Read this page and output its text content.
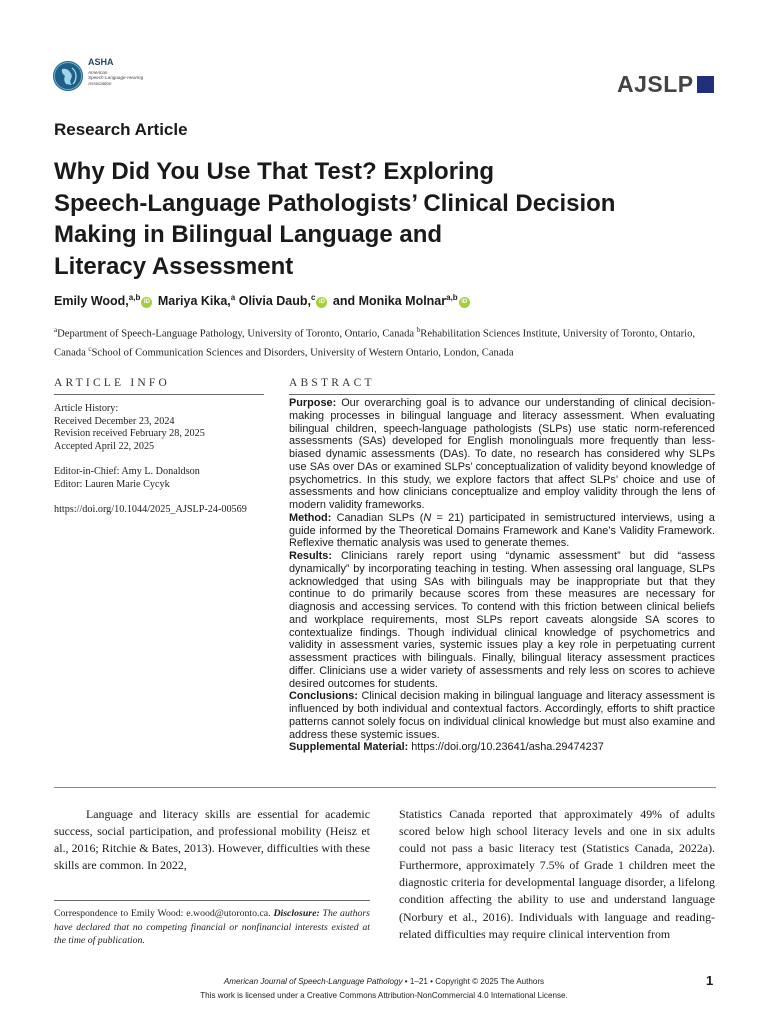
ASHA
American
Speech-Language-Hearing
Association	AJSLP
Research Article
Why Did You Use That Test? Exploring
Speech-Language Pathologists’ Clinical Decision
Making in Bilingual Language and
Literacy Assessment
Emily Wood,$^{a,b}$iD Mariya Kika,$^a$ Olivia Daub,$^c$iD and Monika Molnar$^{a,b}$iD
$^a$Department of Speech-Language Pathology, University of Toronto, Ontario, Canada $^b$Rehabilitation Sciences Institute, University of Toronto, Ontario, Canada $^c$School of Communication Sciences and Disorders, University of Western Ontario, London, Canada
ARTICLE INFO
Article History:
Received December 23, 2024
Revision received February 28, 2025
Accepted April 22, 2025
Editor-in-Chief: Amy L. Donaldson
Editor: Lauren Marie Cycyk
https://doi.org/10.1044/2025_AJSLP-24-00569
ABSTRACT

Purpose: Our overarching goal is to advance our understanding of clinical decision-making processes in bilingual language and literacy assessment. When evaluating bilingual children, speech-language pathologists (SLPs) use static norm-referenced assessments (SAs) developed for English monolinguals more frequently than less-biased dynamic assessments (DAs). To date, no research has considered why SLPs use SAs over DAs or examined SLPs’ conceptualization of validity beyond knowledge of psychometrics. In this study, we explore factors that affect SLPs’ choice and use of assessments and how clinicians conceptualize and employ validity through the lens of modern validity frameworks.

Method: Canadian SLPs (N = 21) participated in semistructured interviews, using a guide informed by the Theoretical Domains Framework and Kane’s Validity Framework. Reflexive thematic analysis was used to generate themes.

Results: Clinicians rarely report using “dynamic assessment” but did “assess dynamically” by incorporating teaching in testing. When assessing oral language, SLPs acknowledged that using SAs with bilinguals may be inappropriate but that they continue to do primarily because scores from these measures are necessary for diagnosis and accessing services. To contend with this friction between clinical beliefs and workplace requirements, most SLPs report caveats alongside SA scores to contextualize findings. Though individual clinical knowledge of psychometrics and validity in assessment varies, systemic issues play a key role in perpetuating current assessment practices with bilinguals. Finally, bilingual literacy assessment practices differ. Clinicians use a wider variety of assessments and rely less on scores to achieve desired outcomes for students.

Conclusions: Clinical decision making in bilingual language and literacy assessment is influenced by both individual and contextual factors. Accordingly, efforts to shift practice patterns cannot solely focus on individual clinical knowledge but must also examine and address these systemic issues.

Supplemental Material: https://doi.org/10.23641/asha.29474237

Language and literacy skills are essential for academic success, social participation, and professional mobility (Heisz et al., 2016; Ritchie & Bates, 2013). However, difficulties with these skills are common. In 2022,
Statistics Canada reported that approximately 49% of adults scored below high school literacy levels and one in six adults could not pass a basic literacy test (Statistics Canada, 2022a). Furthermore, approximately 7.5% of Grade 1 children meet the diagnostic criteria for developmental language disorder, a lifelong condition affecting the ability to use and understand language (Norbury et al., 2016). Individuals with language and reading-related difficulties may require clinical intervention from
Correspondence to Emily Wood: e.wood@utoronto.ca. Disclosure: The authors have declared that no competing financial or nonfinancial interests existed at the time of publication.
American Journal of Speech-Language Pathology • 1–21 • Copyright © 2025 The Authors
This work is licensed under a Creative Commons Attribution-NonCommercial 4.0 International License.
1
